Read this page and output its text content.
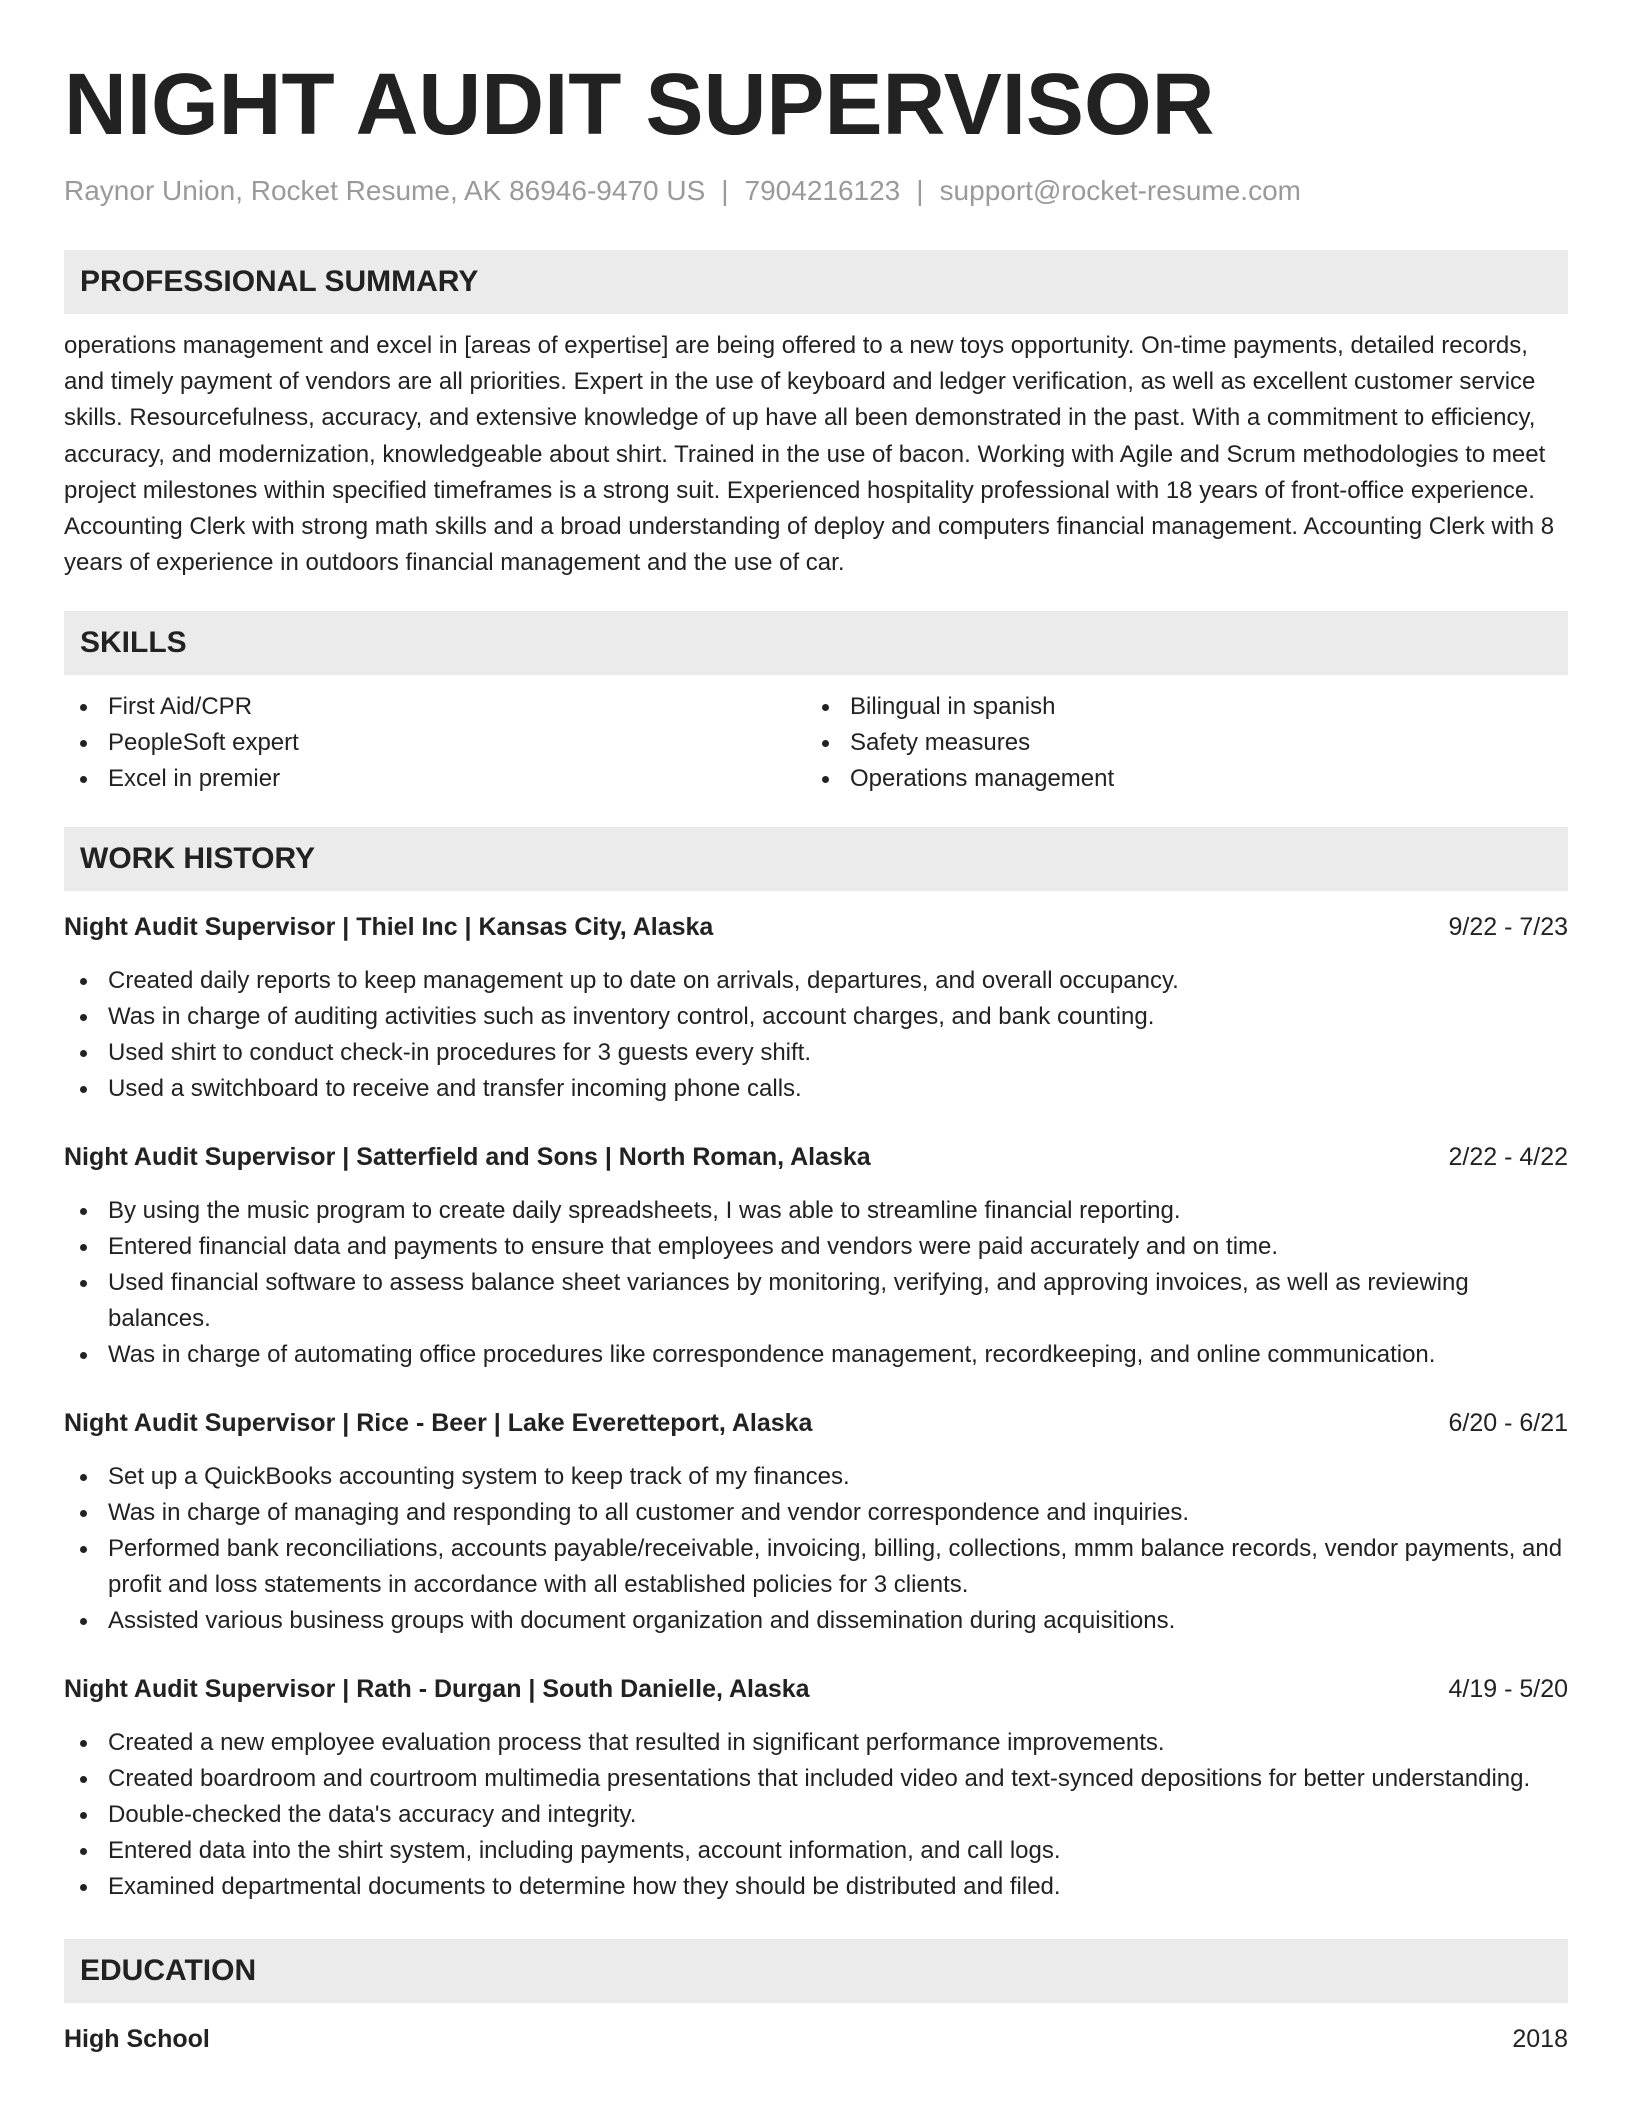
NIGHT AUDIT SUPERVISOR
Raynor Union, Rocket Resume, AK 86946-9470 US | 7904216123 | support@rocket-resume.com
PROFESSIONAL SUMMARY
operations management and excel in [areas of expertise] are being offered to a new toys opportunity. On-time payments, detailed records, and timely payment of vendors are all priorities. Expert in the use of keyboard and ledger verification, as well as excellent customer service skills. Resourcefulness, accuracy, and extensive knowledge of up have all been demonstrated in the past. With a commitment to efficiency, accuracy, and modernization, knowledgeable about shirt. Trained in the use of bacon. Working with Agile and Scrum methodologies to meet project milestones within specified timeframes is a strong suit. Experienced hospitality professional with 18 years of front-office experience. Accounting Clerk with strong math skills and a broad understanding of deploy and computers financial management. Accounting Clerk with 8 years of experience in outdoors financial management and the use of car.
SKILLS
First Aid/CPR
PeopleSoft expert
Excel in premier
Bilingual in spanish
Safety measures
Operations management
WORK HISTORY
Night Audit Supervisor | Thiel Inc | Kansas City, Alaska	9/22 - 7/23
Created daily reports to keep management up to date on arrivals, departures, and overall occupancy.
Was in charge of auditing activities such as inventory control, account charges, and bank counting.
Used shirt to conduct check-in procedures for 3 guests every shift.
Used a switchboard to receive and transfer incoming phone calls.
Night Audit Supervisor | Satterfield and Sons | North Roman, Alaska	2/22 - 4/22
By using the music program to create daily spreadsheets, I was able to streamline financial reporting.
Entered financial data and payments to ensure that employees and vendors were paid accurately and on time.
Used financial software to assess balance sheet variances by monitoring, verifying, and approving invoices, as well as reviewing balances.
Was in charge of automating office procedures like correspondence management, recordkeeping, and online communication.
Night Audit Supervisor | Rice - Beer | Lake Everetteport, Alaska	6/20 - 6/21
Set up a QuickBooks accounting system to keep track of my finances.
Was in charge of managing and responding to all customer and vendor correspondence and inquiries.
Performed bank reconciliations, accounts payable/receivable, invoicing, billing, collections, mmm balance records, vendor payments, and profit and loss statements in accordance with all established policies for 3 clients.
Assisted various business groups with document organization and dissemination during acquisitions.
Night Audit Supervisor | Rath - Durgan | South Danielle, Alaska	4/19 - 5/20
Created a new employee evaluation process that resulted in significant performance improvements.
Created boardroom and courtroom multimedia presentations that included video and text-synced depositions for better understanding.
Double-checked the data's accuracy and integrity.
Entered data into the shirt system, including payments, account information, and call logs.
Examined departmental documents to determine how they should be distributed and filed.
EDUCATION
High School	2018
